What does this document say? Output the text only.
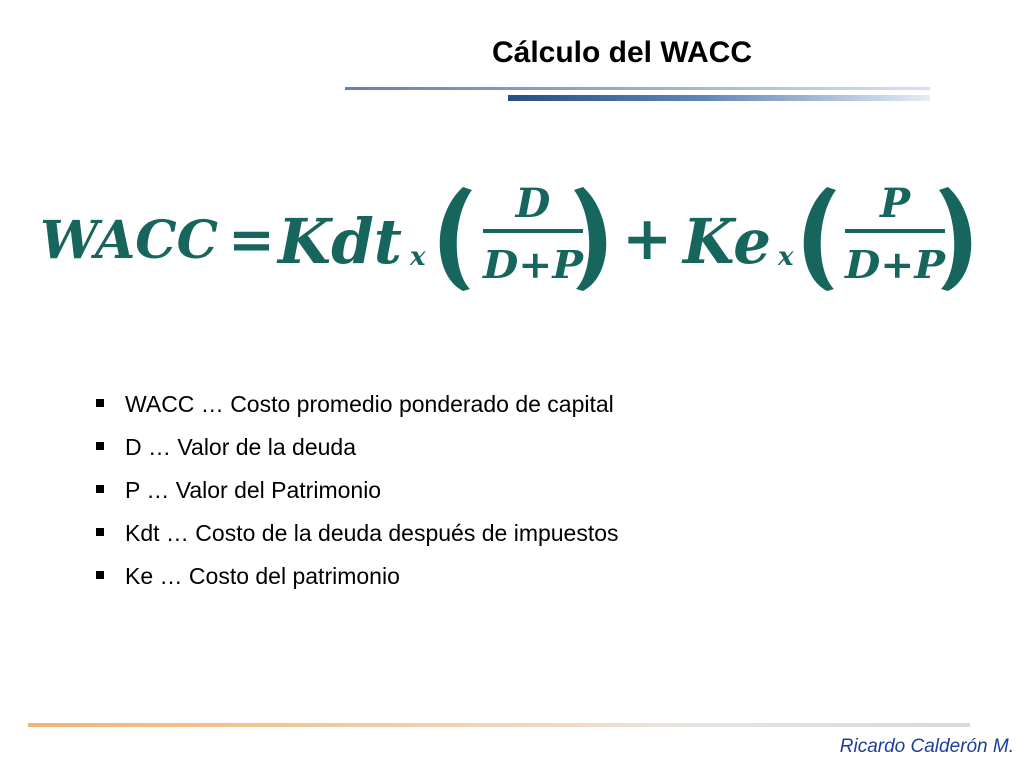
Cálculo del WACC
WACC = Kdt x
D
D+P + Ke x
P
D+P
WACC … Costo promedio ponderado de capital
D … Valor de la deuda
P … Valor del Patrimonio
Kdt … Costo de la deuda después de impuestos
Ke … Costo del patrimonio
Ricardo Calderón M.
